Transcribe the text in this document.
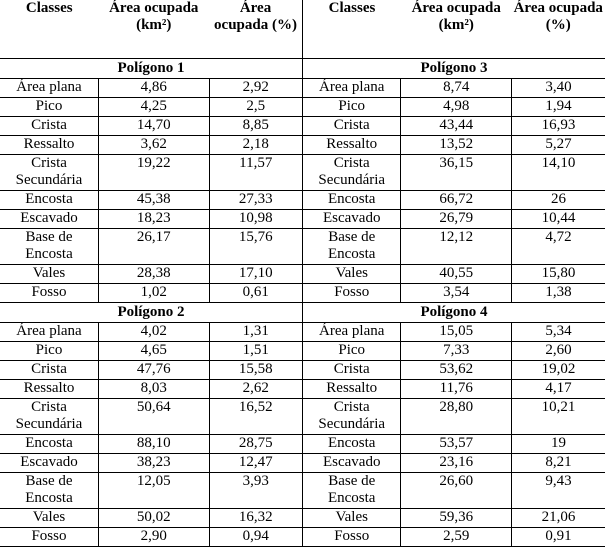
Classes	Área ocupada (km²)	Área ocupada (%)	Classes	Área ocupada (km²)	Área ocupada (%)
Polígono 1			Polígono 3		
Área plana	4,86	2,92	Área plana	8,74	3,40
Pico	4,25	2,5	Pico	4,98	1,94
Crista	14,70	8,85	Crista	43,44	16,93
Ressalto	3,62	2,18	Ressalto	13,52	5,27
Crista Secundária	19,22	11,57	Crista Secundária	36,15	14,10
Encosta	45,38	27,33	Encosta	66,72	26
Escavado	18,23	10,98	Escavado	26,79	10,44
Base de Encosta	26,17	15,76	Base de Encosta	12,12	4,72
Vales	28,38	17,10	Vales	40,55	15,80
Fosso	1,02	0,61	Fosso	3,54	1,38
Polígono 2			Polígono 4		
Área plana	4,02	1,31	Área plana	15,05	5,34
Pico	4,65	1,51	Pico	7,33	2,60
Crista	47,76	15,58	Crista	53,62	19,02
Ressalto	8,03	2,62	Ressalto	11,76	4,17
Crista Secundária	50,64	16,52	Crista Secundária	28,80	10,21
Encosta	88,10	28,75	Encosta	53,57	19
Escavado	38,23	12,47	Escavado	23,16	8,21
Base de Encosta	12,05	3,93	Base de Encosta	26,60	9,43
Vales	50,02	16,32	Vales	59,36	21,06
Fosso	2,90	0,94	Fosso	2,59	0,91
